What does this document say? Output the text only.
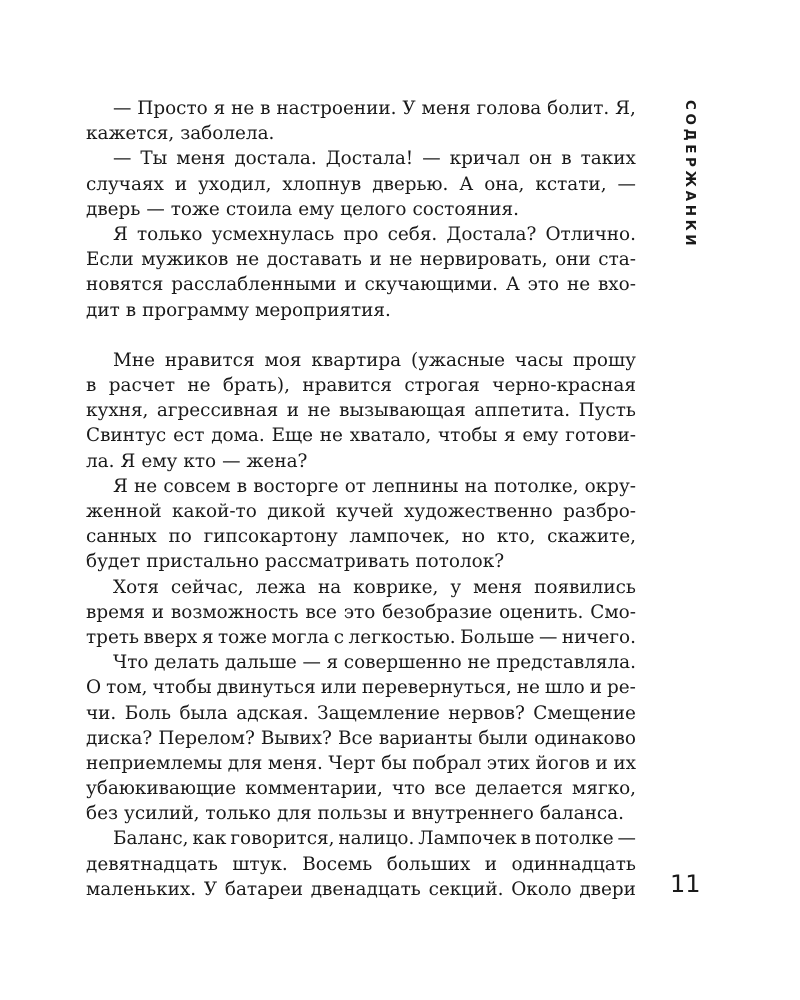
— Просто я не в настроении. У меня голова болит. Я,
кажется, заболела.
— Ты меня достала. Достала! — кричал он в таких
случаях и уходил, хлопнув дверью. А она, кстати, —
дверь — тоже стоила ему целого состояния.
Я только усмехнулась про себя. Достала? Отлично.
Если мужиков не доставать и не нервировать, они ста-
новятся расслабленными и скучающими. А это не вхо-
дит в программу мероприятия.
Мне нравится моя квартира (ужасные часы прошу
в расчет не брать), нравится строгая черно-красная
кухня, агрессивная и не вызывающая аппетита. Пусть
Свинтус ест дома. Еще не хватало, чтобы я ему готови-
ла. Я ему кто — жена?
Я не совсем в восторге от лепнины на потолке, окру-
женной какой-то дикой кучей художественно разбро-
санных по гипсокартону лампочек, но кто, скажите,
будет пристально рассматривать потолок?
Хотя сейчас, лежа на коврике, у меня появились
время и возможность все это безобразие оценить. Смо-
треть вверх я тоже могла с легкостью. Больше — ничего.
Что делать дальше — я совершенно не представляла.
О том, чтобы двинуться или перевернуться, не шло и ре-
чи. Боль была адская. Защемление нервов? Смещение
диска? Перелом? Вывих? Все варианты были одинаково
неприемлемы для меня. Черт бы побрал этих йогов и их
убаюкивающие комментарии, что все делается мягко,
без усилий, только для пользы и внутреннего баланса.
Баланс, как говорится, налицо. Лампочек в потолке —
девятнадцать штук. Восемь больших и одиннадцать
маленьких. У батареи двенадцать секций. Около двери
СОДЕРЖАНКИ
11
